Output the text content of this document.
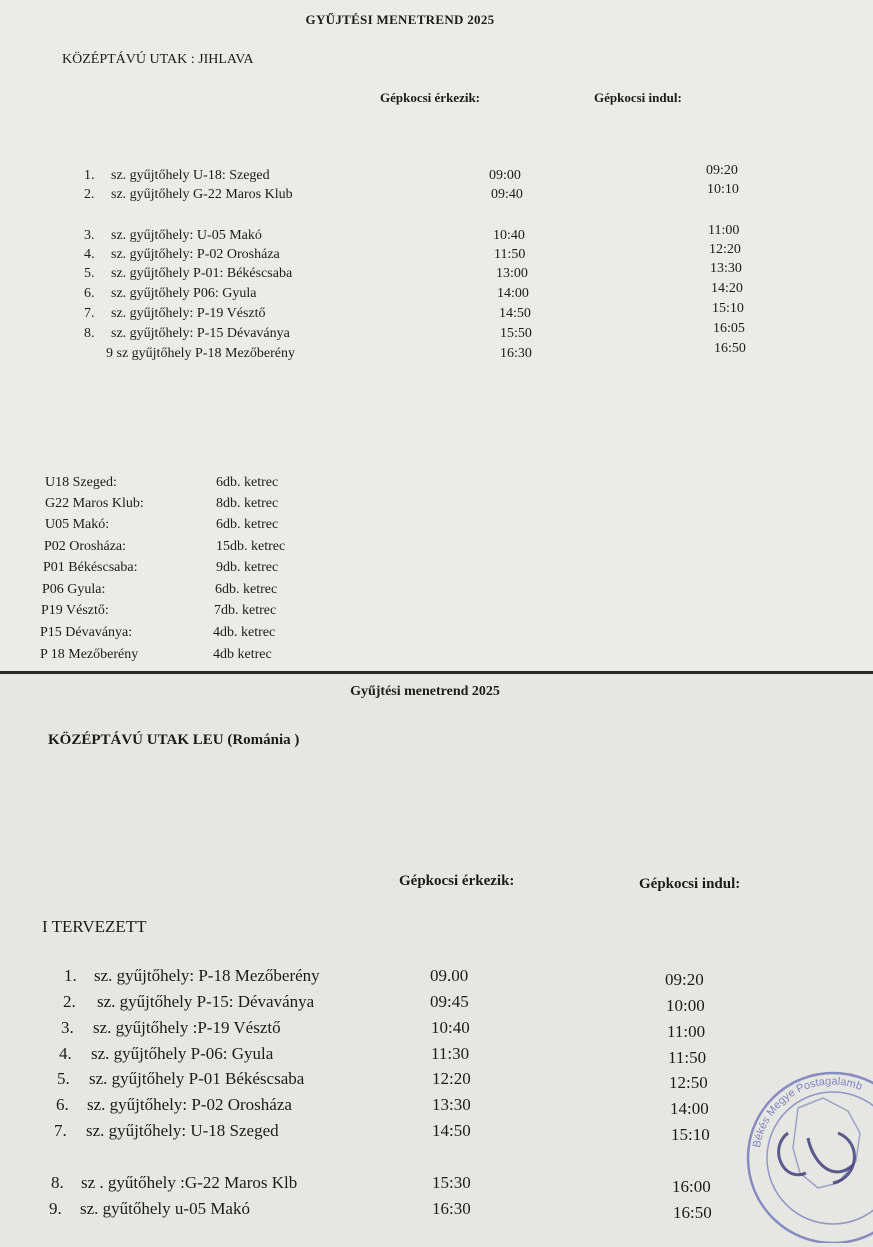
GYŰJTÉSI MENETREND 2025
KÖZÉPTÁVÚ UTAK : JIHLAVA
Gépkocsi érkezik:	Gépkocsi indul:
1. sz. gyűjtőhely U-18: Szeged	09:00	09:20
2. sz. gyűjtőhely G-22 Maros Klub	09:40	10:10
3. sz. gyűjtőhely: U-05 Makó	10:40	11:00
4. sz. gyűjtőhely: P-02 Orosháza	11:50	12:20
5. sz. gyűjtőhely P-01: Békéscsaba	13:00	13:30
6. sz. gyűjtőhely P06: Gyula	14:00	14:20
7. sz. gyűjtőhely: P-19 Vésztő	14:50	15:10
8. sz. gyűjtőhely: P-15 Dévaványa	15:50	16:05
9 sz gyűjtőhely P-18 Mezőberény	16:30	16:50
U18 Szeged:	6db. ketrec
G22 Maros Klub:	8db. ketrec
U05 Makó:	6db. ketrec
P02 Orosháza:	15db. ketrec
P01 Békéscsaba:	9db. ketrec
P06 Gyula:	6db. ketrec
P19 Vésztő:	7db. ketrec
P15 Dévaványa:	4db. ketrec
P 18 Mezőberény	4db ketrec
Gyűjtési menetrend 2025
KÖZÉPTÁVÚ UTAK LEU (Románia )
Gépkocsi érkezik:	Gépkocsi indul:
I TERVEZETT
1. sz. gyűjtőhely: P-18 Mezőberény	09.00	09:20
2. sz. gyűjtőhely P-15: Dévaványa	09:45	10:00
3. sz. gyűjtőhely :P-19 Vésztő	10:40	11:00
4. sz. gyűjtőhely P-06: Gyula	11:30	11:50
5. sz. gyűjtőhely P-01 Békéscsaba	12:20	12:50
6. sz. gyűjtőhely: P-02 Orosháza	13:30	14:00
7. sz. gyűjtőhely: U-18 Szeged	14:50	15:10
8. sz . gyűtőhely :G-22 Maros Klb	15:30	16:00
9. sz. gyűtőhely u-05 Makó	16:30	16:50
Békés Megye Postagalamb
